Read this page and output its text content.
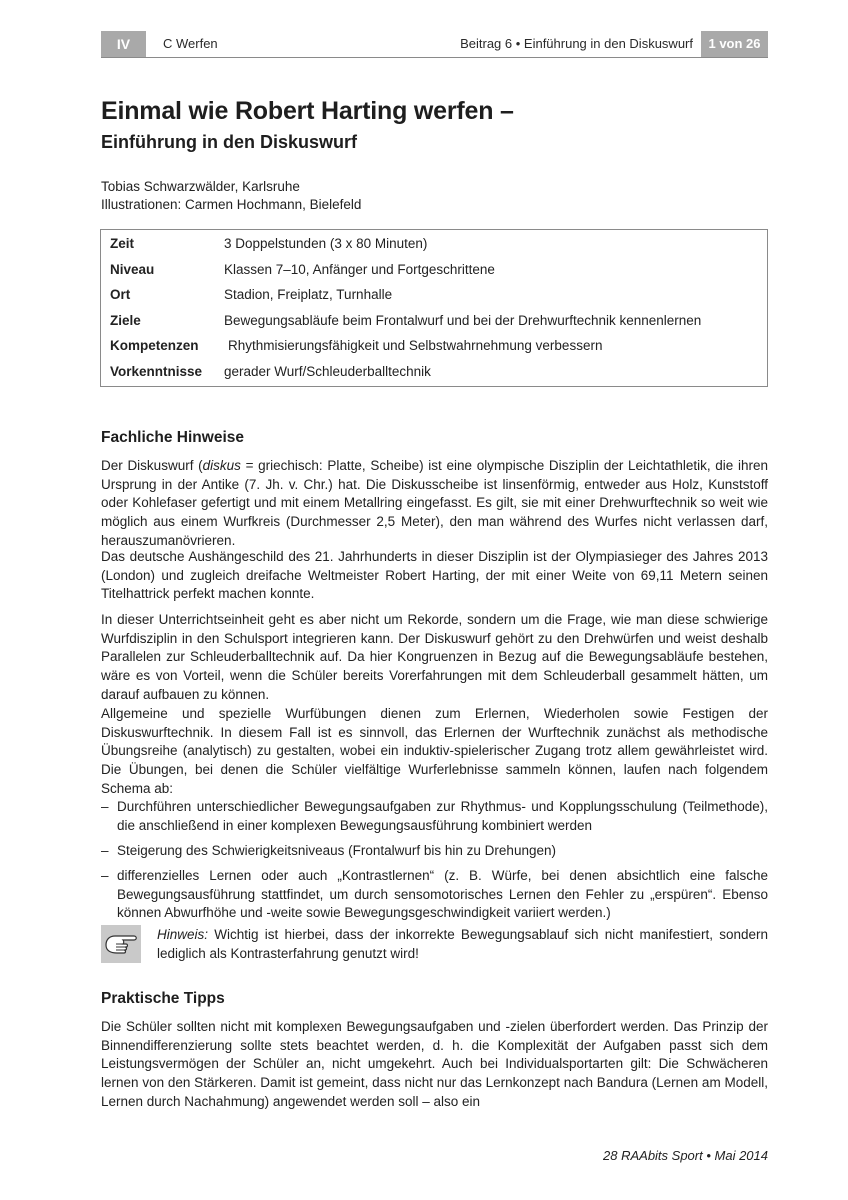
IV	C Werfen	Beitrag 6 • Einführung in den Diskuswurf	1 von 26
Einmal wie Robert Harting werfen –
Einführung in den Diskuswurf
Tobias Schwarzwälder, Karlsruhe
Illustrationen: Carmen Hochmann, Bielefeld
Zeit	3 Doppelstunden (3 x 80 Minuten)
Niveau	Klassen 7–10, Anfänger und Fortgeschrittene
Ort	Stadion, Freiplatz, Turnhalle
Ziele	Bewegungsabläufe beim Frontalwurf und bei der Drehwurftechnik kennenlernen
Kompetenzen Rhythmisierungsfähigkeit und Selbstwahrnehmung verbessern
Vorkenntnisse gerader Wurf/Schleuderballtechnik
Fachliche Hinweise
Der Diskuswurf (diskus = griechisch: Platte, Scheibe) ist eine olympische Disziplin der Leichtathletik, die ihren Ursprung in der Antike (7. Jh. v. Chr.) hat. Die Diskusscheibe ist linsenförmig, entweder aus Holz, Kunststoff oder Kohlefaser gefertigt und mit einem Metallring eingefasst. Es gilt, sie mit einer Drehwurftechnik so weit wie möglich aus einem Wurfkreis (Durchmesser 2,5 Meter), den man während des Wurfes nicht verlassen darf, herauszumanövrieren.
Das deutsche Aushängeschild des 21. Jahrhunderts in dieser Disziplin ist der Olympiasieger des Jahres 2013 (London) und zugleich dreifache Weltmeister Robert Harting, der mit einer Weite von 69,11 Metern seinen Titelhattrick perfekt machen konnte.
In dieser Unterrichtseinheit geht es aber nicht um Rekorde, sondern um die Frage, wie man diese schwierige Wurfdisziplin in den Schulsport integrieren kann. Der Diskuswurf gehört zu den Drehwürfen und weist deshalb Parallelen zur Schleuderballtechnik auf. Da hier Kongruenzen in Bezug auf die Bewegungsabläufe bestehen, wäre es von Vorteil, wenn die Schüler bereits Vorerfahrungen mit dem Schleuderball gesammelt hätten, um darauf aufbauen zu können.
Allgemeine und spezielle Wurfübungen dienen zum Erlernen, Wiederholen sowie Festigen der Diskuswurftechnik. In diesem Fall ist es sinnvoll, das Erlernen der Wurftechnik zunächst als methodische Übungsreihe (analytisch) zu gestalten, wobei ein induktiv-spielerischer Zugang trotz allem gewährleistet wird. Die Übungen, bei denen die Schüler vielfältige Wurferlebnisse sammeln können, laufen nach folgendem Schema ab:
– Durchführen unterschiedlicher Bewegungsaufgaben zur Rhythmus- und Kopplungsschulung (Teilmethode), die anschließend in einer komplexen Bewegungsausführung kombiniert werden
– Steigerung des Schwierigkeitsniveaus (Frontalwurf bis hin zu Drehungen)
– differenzielles Lernen oder auch „Kontrastlernen“ (z. B. Würfe, bei denen absichtlich eine falsche Bewegungsausführung stattfindet, um durch sensomotorisches Lernen den Fehler zu „erspüren“. Ebenso können Abwurfhöhe und -weite sowie Bewegungsgeschwindigkeit variiert werden.)
Hinweis: Wichtig ist hierbei, dass der inkorrekte Bewegungsablauf sich nicht manifestiert, sondern lediglich als Kontrasterfahrung genutzt wird!
Praktische Tipps
Die Schüler sollten nicht mit komplexen Bewegungsaufgaben und -zielen überfordert werden. Das Prinzip der Binnendifferenzierung sollte stets beachtet werden, d. h. die Komplexität der Aufgaben passt sich dem Leistungsvermögen der Schüler an, nicht umgekehrt. Auch bei Individualsportarten gilt: Die Schwächeren lernen von den Stärkeren. Damit ist gemeint, dass nicht nur das Lernkonzept nach Bandura (Lernen am Modell, Lernen durch Nachahmung) angewendet werden soll – also ein
28 RAAbits Sport • Mai 2014
